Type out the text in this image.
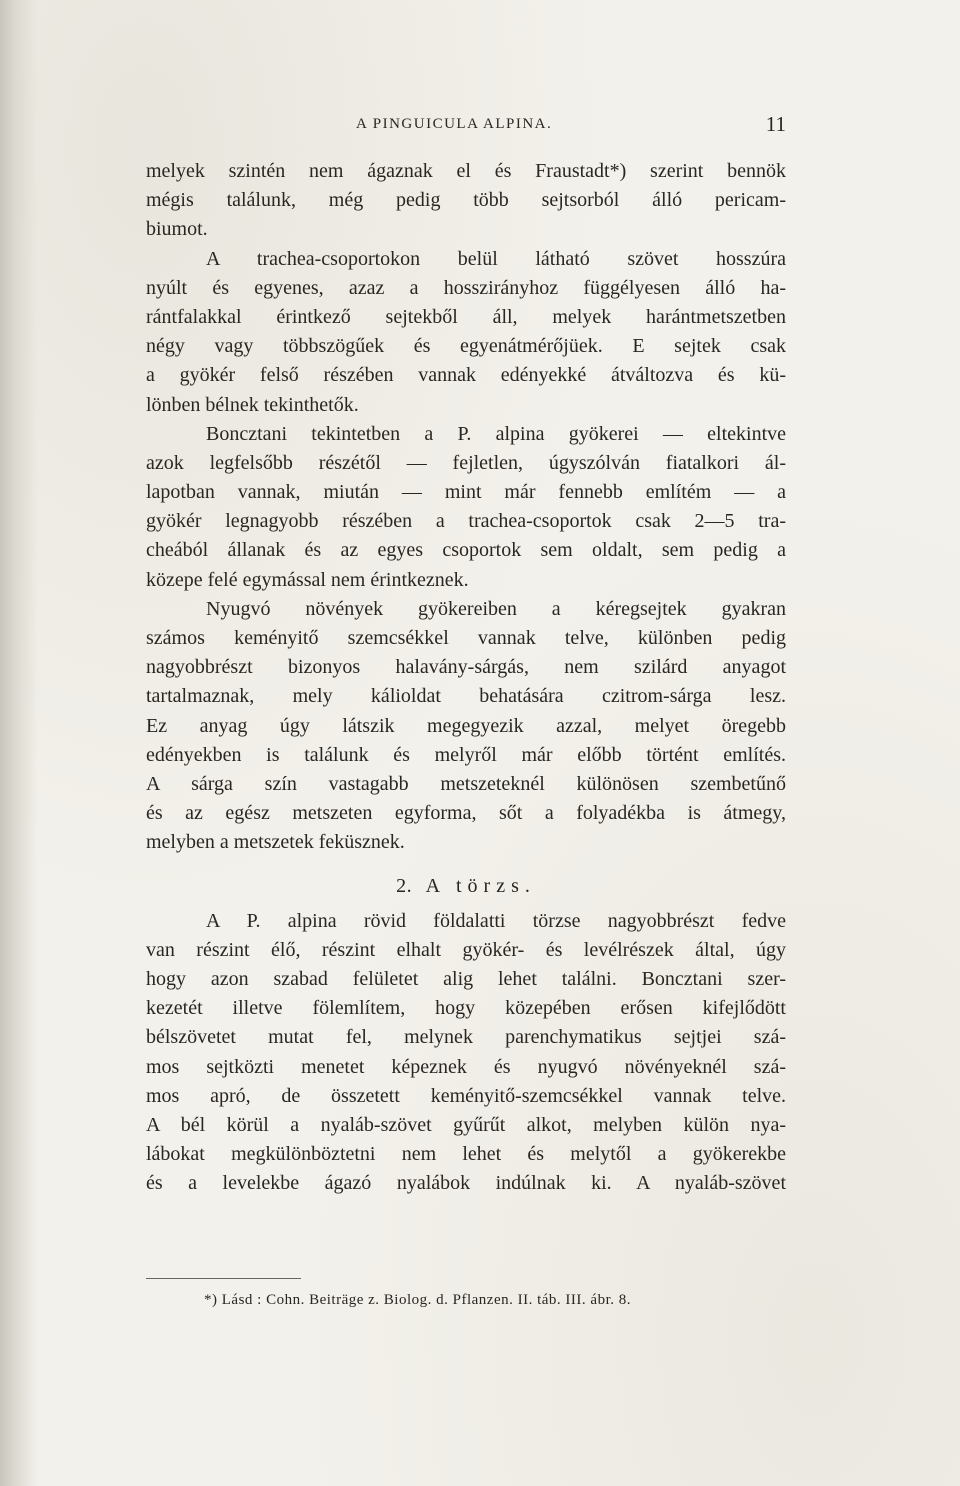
A PINGUICULA ALPINA.	11
melyek szintén nem ágaznak el és Fraustadt*) szerint bennök
mégis találunk, még pedig több sejtsorból álló pericam-
biumot.
A trachea-csoportokon belül látható szövet hosszúra
nyúlt és egyenes, azaz a hosszirányhoz függélyesen álló ha-
rántfalakkal érintkező sejtekből áll, melyek harántmetszetben
négy vagy többszögűek és egyenátmérőjüek. E sejtek csak
a gyökér felső részében vannak edényekké átváltozva és kü-
lönben bélnek tekinthetők.
Boncztani tekintetben a P. alpina gyökerei — eltekintve
azok legfelsőbb részétől — fejletlen, úgyszólván fiatalkori ál-
lapotban vannak, miután — mint már fennebb említém — a
gyökér legnagyobb részében a trachea-csoportok csak 2—5 tra-
cheából állanak és az egyes csoportok sem oldalt, sem pedig a
közepe felé egymással nem érintkeznek.
Nyugvó növények gyökereiben a kéregsejtek gyakran
számos keményitő szemcsékkel vannak telve, különben pedig
nagyobbrészt bizonyos halavány-sárgás, nem szilárd anyagot
tartalmaznak, mely kálioldat behatására czitrom-sárga lesz.
Ez anyag úgy látszik megegyezik azzal, melyet öregebb
edényekben is találunk és melyről már előbb történt említés.
A sárga szín vastagabb metszeteknél különösen szembetűnő
és az egész metszeten egyforma, sőt a folyadékba is átmegy,
melyben a metszetek feküsznek.
2. A törzs.
A P. alpina rövid földalatti törzse nagyobbrészt fedve
van részint élő, részint elhalt gyökér- és levélrészek által, úgy
hogy azon szabad felületet alig lehet találni. Boncztani szer-
kezetét illetve fölemlítem, hogy közepében erősen kifejlődött
bélszövetet mutat fel, melynek parenchymatikus sejtjei szá-
mos sejtközti menetet képeznek és nyugvó növényeknél szá-
mos apró, de összetett keményitő-szemcsékkel vannak telve.
A bél körül a nyaláb-szövet gyűrűt alkot, melyben külön nya-
lábokat megkülönböztetni nem lehet és melytől a gyökerekbe
és a levelekbe ágazó nyalábok indúlnak ki. A nyaláb-szövet
*) Lásd : Cohn. Beiträge z. Biolog. d. Pflanzen. II. táb. III. ábr. 8.
